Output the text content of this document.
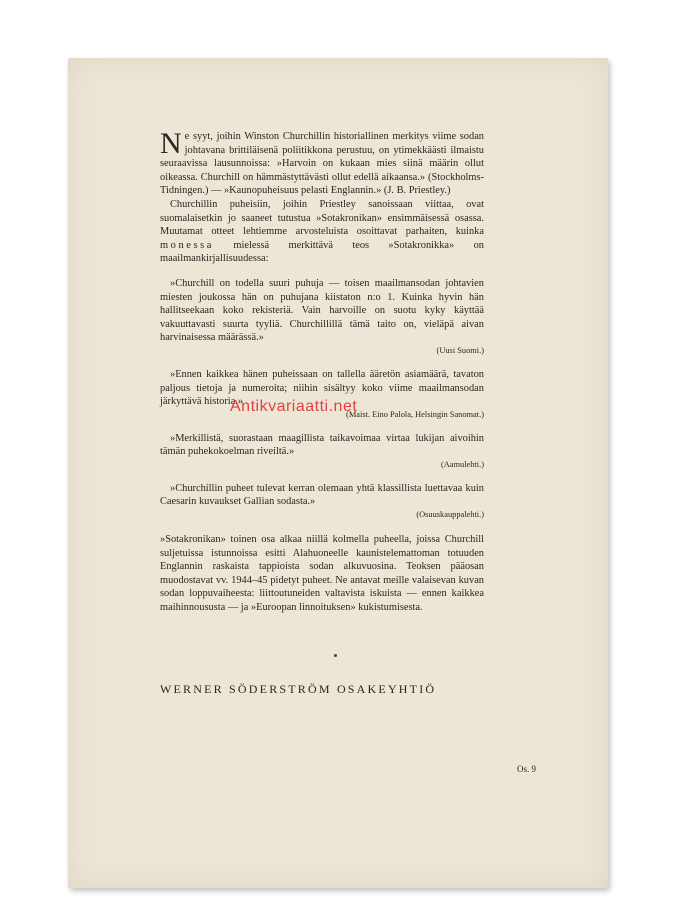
Ne syyt, joihin Winston Churchillin historiallinen merkitys viime sodan johtavana brittiläisenä poliitikkona perustuu, on ytimekkäästi ilmaistu seuraavissa lausunnoissa: »Harvoin on kukaan mies siinä määrin ollut oikeassa. Churchill on hämmästyttävästi ollut edellä aikaansa.» (Stockholms-Tidningen.) — »Kaunopuheisuus pelasti Englannin.» (J. B. Priestley.)

Churchillin puheisiin, joihin Priestley sanoissaan viittaa, ovat suomalaisetkin jo saaneet tutustua »Sotakronikan» ensimmäisessä osassa. Muutamat otteet lehtiemme arvosteluista osoittavat parhaiten, kuinka monessa mielessä merkittävä teos »Sotakronikka» on maailmankirjallisuudessa:

»Churchill on todella suuri puhuja — toisen maailmansodan johtavien miesten joukossa hän on puhujana kiistaton n:o 1. Kuinka hyvin hän hallitseekaan koko rekisteriä. Vain harvoille on suotu kyky käyttää vakuuttavasti suurta tyyliä. Churchillillä tämä taito on, vieläpä aivan harvinaisessa määrässä.»
(Uusi Suomi.)

»Ennen kaikkea hänen puheissaan on tallella ääretön asiamäärä, tavaton paljous tietoja ja numeroita; niihin sisältyy koko viime maailmansodan järkyttävä historia.»
(Maist. Eino Palola, Helsingin Sanomat.)

»Merkillistä, suorastaan maagillista taikavoimaa virtaa lukijan aivoihin tämän puhekokoelman riveiltä.»
(Aamulehti.)

»Churchillin puheet tulevat kerran olemaan yhtä klassillista luettavaa kuin Caesarin kuvaukset Gallian sodasta.»
(Osuuskauppalehti.)

»Sotakronikan» toinen osa alkaa niillä kolmella puheella, joissa Churchill suljetuissa istunnoissa esitti Alahuoneelle kaunistelemattoman totuuden Englannin raskaista tappioista sodan alkuvuosina. Teoksen pääosan muodostavat vv. 1944–45 pidetyt puheet. Ne antavat meille valaisevan kuvan sodan loppuvaiheesta: liittoutuneiden valtavista iskuista — ennen kaikkea maihinnoususta — ja »Euroopan linnoituksen» kukistumisesta.

WERNER SÖDERSTRÖM OSAKEYHTIÖ
Os. 9
Antikvariaatti.net
